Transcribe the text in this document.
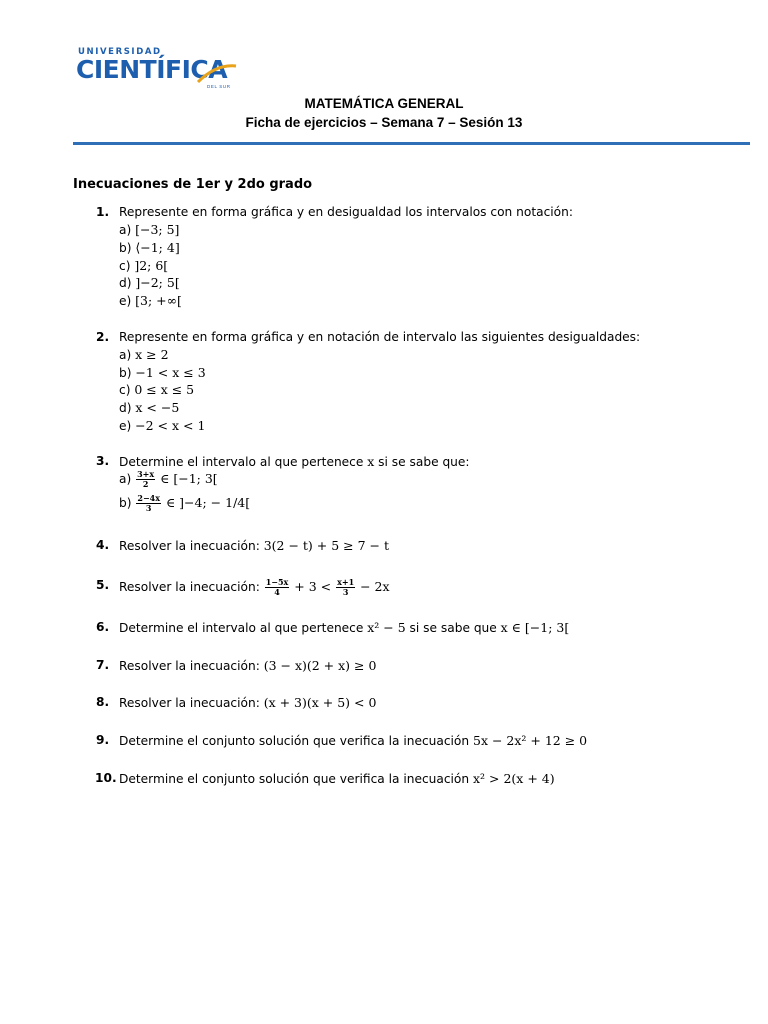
UNIVERSIDAD
CIENTÍFICA
DEL SUR
MATEMÁTICA GENERAL
Ficha de ejercicios – Semana 7 – Sesión 13
Inecuaciones de 1er y 2do grado
1. Represente en forma gráfica y en desigualdad los intervalos con notación:
a) [−3; 5]
b) ⟨−1; 4]
c) ]2; 6[
d) ]−2; 5[
e) [3; +∞[
2. Represente en forma gráfica y en notación de intervalo las siguientes desigualdades:
a) x ≥ 2
b) −1 < x ≤ 3
c) 0 ≤ x ≤ 5
d) x < −5
e) −2 < x < 1
3. Determine el intervalo al que pertenece x si se sabe que:
$a) \frac{3+x}{2}$ ∈ [−1; 3[
$b) \frac{2-4x}{3}$ ∈ ]−4; − 1/4[
4. Resolver la inecuación: 3(2 − t) + 5 ≥ 7 − t
5. Resolver la inecuación: $\frac{1-5x}{4} + 3 < \frac{x+1}{3} - 2x$
6. Determine el intervalo al que pertenece x² − 5 si se sabe que x ∈ [−1; 3[
7. Resolver la inecuación: (3 − x)(2 + x) ≥ 0
8. Resolver la inecuación: (x + 3)(x + 5) < 0
9. Determine el conjunto solución que verifica la inecuación 5x − 2x² + 12 ≥ 0
10. Determine el conjunto solución que verifica la inecuación x² > 2(x + 4)
